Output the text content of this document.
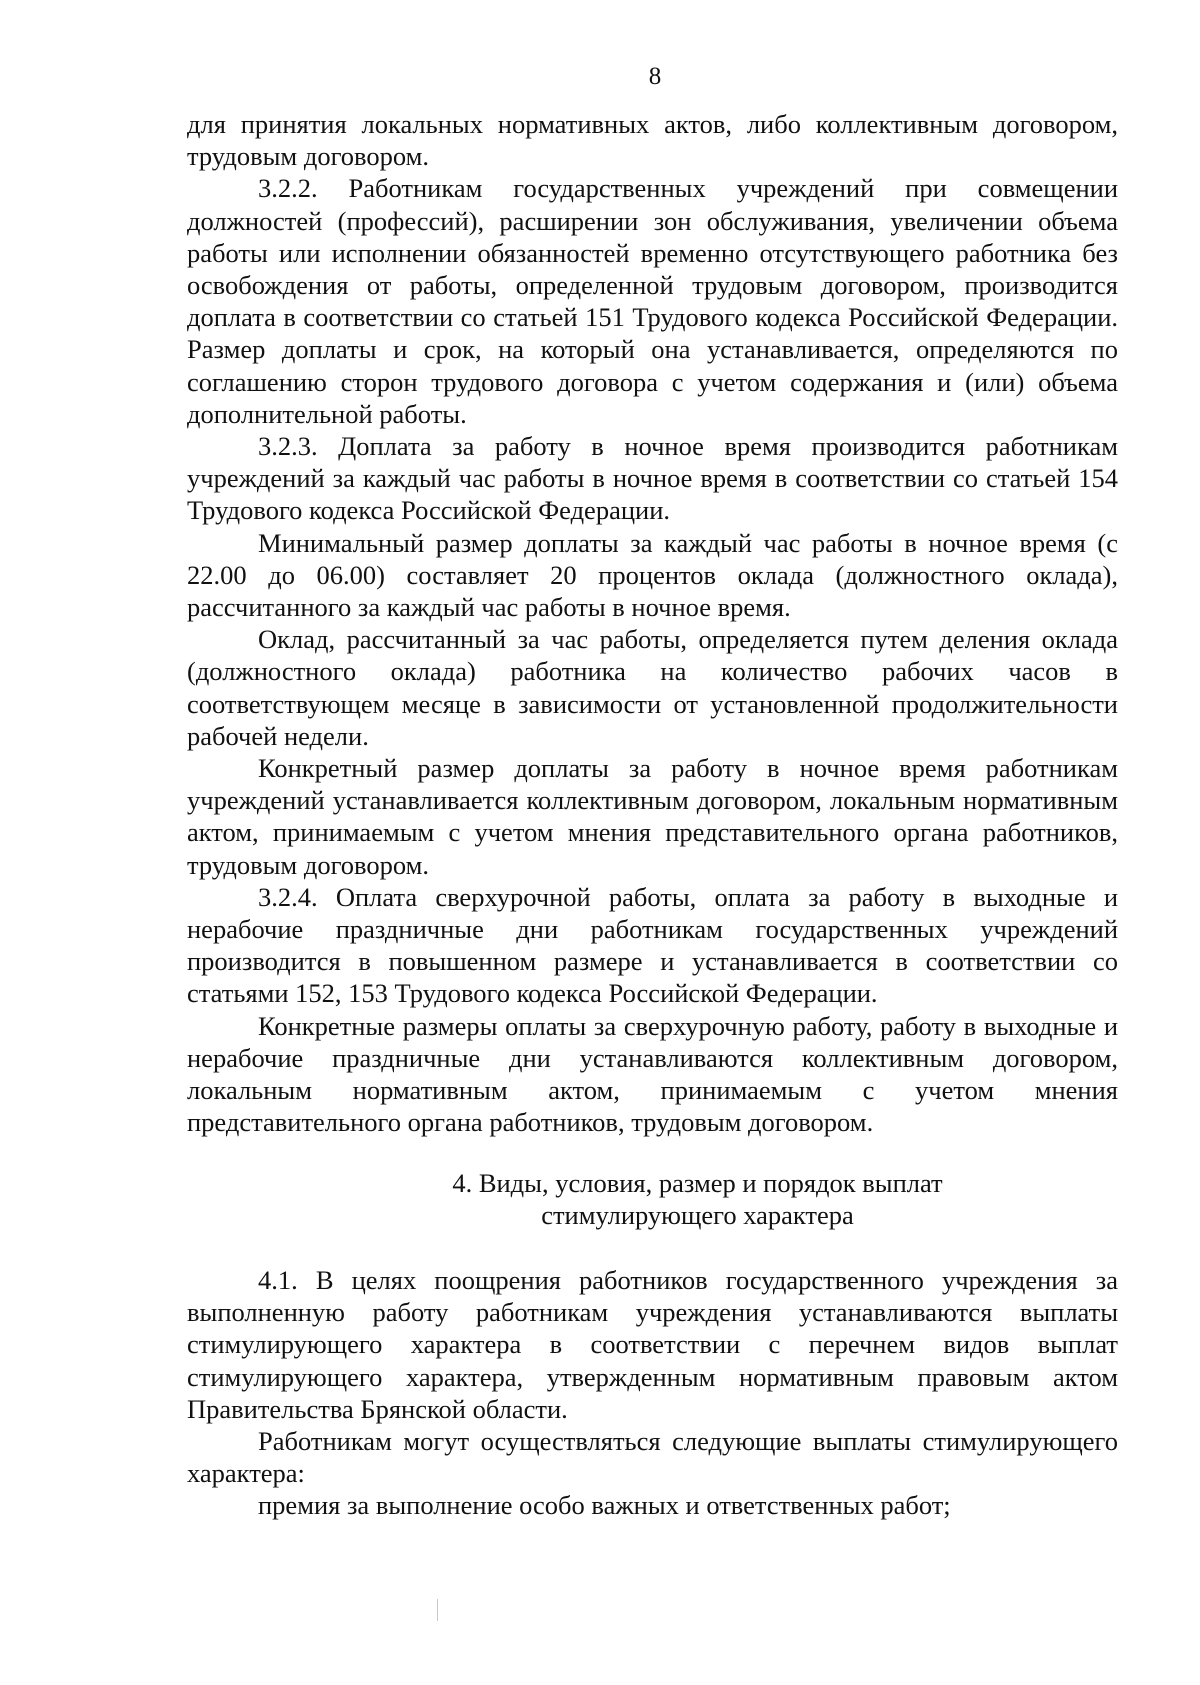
8

для принятия локальных нормативных актов, либо коллективным договором, трудовым договором.

3.2.2. Работникам государственных учреждений при совмещении должностей (профессий), расширении зон обслуживания, увеличении объема работы или исполнении обязанностей временно отсутствующего работника без освобождения от работы, определенной трудовым договором, производится доплата в соответствии со статьей 151 Трудового кодекса Российской Федерации. Размер доплаты и срок, на который она устанавливается, определяются по соглашению сторон трудового договора с учетом содержания и (или) объема дополнительной работы.

3.2.3. Доплата за работу в ночное время производится работникам учреждений за каждый час работы в ночное время в соответствии со статьей 154 Трудового кодекса Российской Федерации.

Минимальный размер доплаты за каждый час работы в ночное время (с 22.00 до 06.00) составляет 20 процентов оклада (должностного оклада), рассчитанного за каждый час работы в ночное время.

Оклад, рассчитанный за час работы, определяется путем деления оклада (должностного оклада) работника на количество рабочих часов в соответствующем месяце в зависимости от установленной продолжительности рабочей недели.

Конкретный размер доплаты за работу в ночное время работникам учреждений устанавливается коллективным договором, локальным нормативным актом, принимаемым с учетом мнения представительного органа работников, трудовым договором.

3.2.4. Оплата сверхурочной работы, оплата за работу в выходные и нерабочие праздничные дни работникам государственных учреждений производится в повышенном размере и устанавливается в соответствии со статьями 152, 153 Трудового кодекса Российской Федерации.

Конкретные размеры оплаты за сверхурочную работу, работу в выходные и нерабочие праздничные дни устанавливаются коллективным договором, локальным нормативным актом, принимаемым с учетом мнения представительного органа работников, трудовым договором.

4. Виды, условия, размер и порядок выплат
стимулирующего характера

4.1. В целях поощрения работников государственного учреждения за выполненную работу работникам учреждения устанавливаются выплаты стимулирующего характера в соответствии с перечнем видов выплат стимулирующего характера, утвержденным нормативным правовым актом Правительства Брянской области.

Работникам могут осуществляться следующие выплаты стимулирующего характера:

премия за выполнение особо важных и ответственных работ;
